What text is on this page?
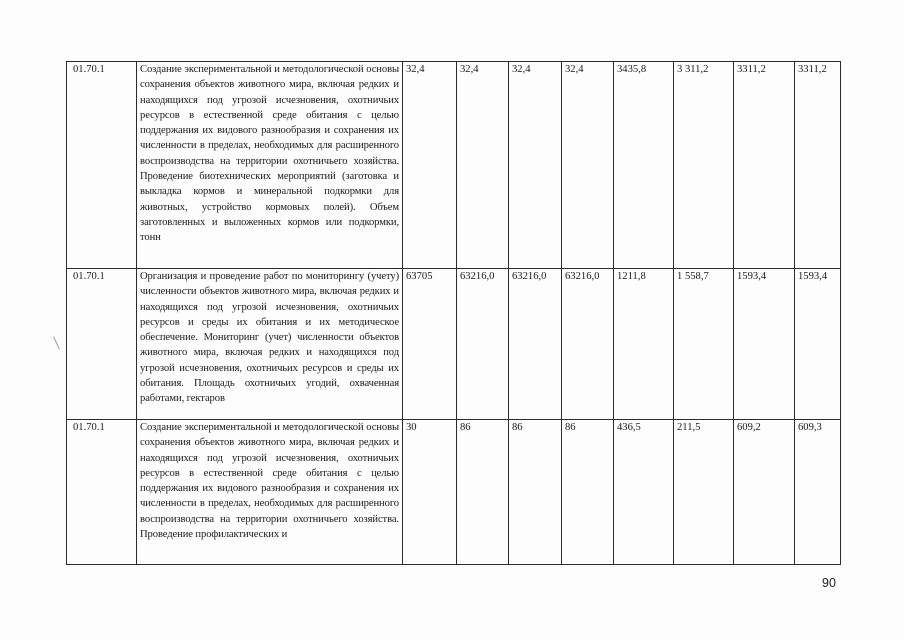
01.70.1	Создание экспериментальной и методологической основы сохранения объектов животного мира, включая редких и находящихся под угрозой исчезновения, охотничьих ресурсов в естественной среде обитания с целью поддержания их видового разнообразия и сохранения их численности в пределах, необходимых для расширенного воспроизводства на территории охотничьего хозяйства. Проведение биотехнических мероприятий (заготовка и выкладка кормов и минеральной подкормки для животных, устройство кормовых полей). Объем заготовленных и выложенных кормов или подкормки, тонн	32,4	32,4	32,4	32,4	3435,8	3 311,2	3311,2	3311,2
01.70.1	Организация и проведение работ по мониторингу (учету) численности объектов животного мира, включая редких и находящихся под угрозой исчезновения, охотничьих ресурсов и среды их обитания и их методическое обеспечение. Мониторинг (учет) численности объектов животного мира, включая редких и находящихся под угрозой исчезновения, охотничьих ресурсов и среды их обитания. Площадь охотничьих угодий, охваченная работами, гектаров	63705	63216,0	63216,0	63216,0	1211,8	1 558,7	1593,4	1593,4
01.70.1	Создание экспериментальной и методологической основы сохранения объектов животного мира, включая редких и находящихся под угрозой исчезновения, охотничьих ресурсов в естественной среде обитания с целью поддержания их видового разнообразия и сохранения их численности в пределах, необходимых для расширенного воспроизводства на территории охотничьего хозяйства. Проведение профилактических и	30	86	86	86	436,5	211,5	609,2	609,3
90
